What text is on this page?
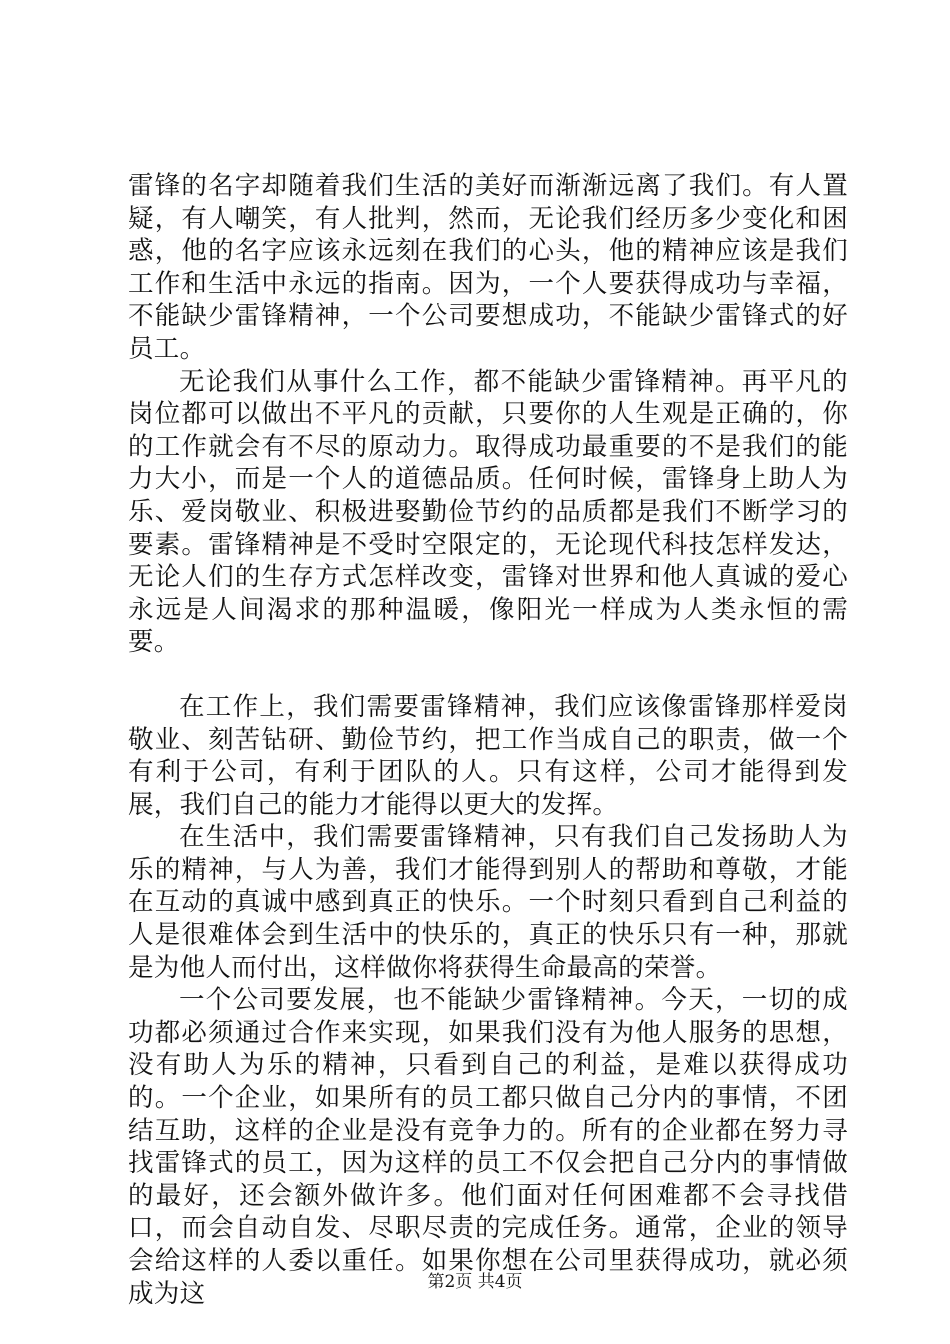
雷锋的名字却随着我们生活的美好而渐渐远离了我们。有人置疑，有人嘲笑，有人批判，然而，无论我们经历多少变化和困惑，他的名字应该永远刻在我们的心头，他的精神应该是我们工作和生活中永远的指南。因为，一个人要获得成功与幸福，不能缺少雷锋精神，一个公司要想成功，不能缺少雷锋式的好员工。

无论我们从事什么工作，都不能缺少雷锋精神。再平凡的岗位都可以做出不平凡的贡献，只要你的人生观是正确的，你的工作就会有不尽的原动力。取得成功最重要的不是我们的能力大小，而是一个人的道德品质。任何时候，雷锋身上助人为乐、爱岗敬业、积极进娶勤俭节约的品质都是我们不断学习的要素。雷锋精神是不受时空限定的，无论现代科技怎样发达，无论人们的生存方式怎样改变，雷锋对世界和他人真诚的爱心永远是人间渴求的那种温暖，像阳光一样成为人类永恒的需要。

在工作上，我们需要雷锋精神，我们应该像雷锋那样爱岗敬业、刻苦钻研、勤俭节约，把工作当成自己的职责，做一个有利于公司，有利于团队的人。只有这样，公司才能得到发展，我们自己的能力才能得以更大的发挥。

在生活中，我们需要雷锋精神，只有我们自己发扬助人为乐的精神，与人为善，我们才能得到别人的帮助和尊敬，才能在互动的真诚中感到真正的快乐。一个时刻只看到自己利益的人是很难体会到生活中的快乐的，真正的快乐只有一种，那就是为他人而付出，这样做你将获得生命最高的荣誉。

一个公司要发展，也不能缺少雷锋精神。今天，一切的成功都必须通过合作来实现，如果我们没有为他人服务的思想，没有助人为乐的精神，只看到自己的利益，是难以获得成功的。一个企业，如果所有的员工都只做自己分内的事情，不团结互助，这样的企业是没有竞争力的。所有的企业都在努力寻找雷锋式的员工，因为这样的员工不仅会把自己分内的事情做的最好，还会额外做许多。他们面对任何困难都不会寻找借口，而会自动自发、尽职尽责的完成任务。通常，企业的领导会给这样的人委以重任。如果你想在公司里获得成功，就必须成为这	第2页 共4页
